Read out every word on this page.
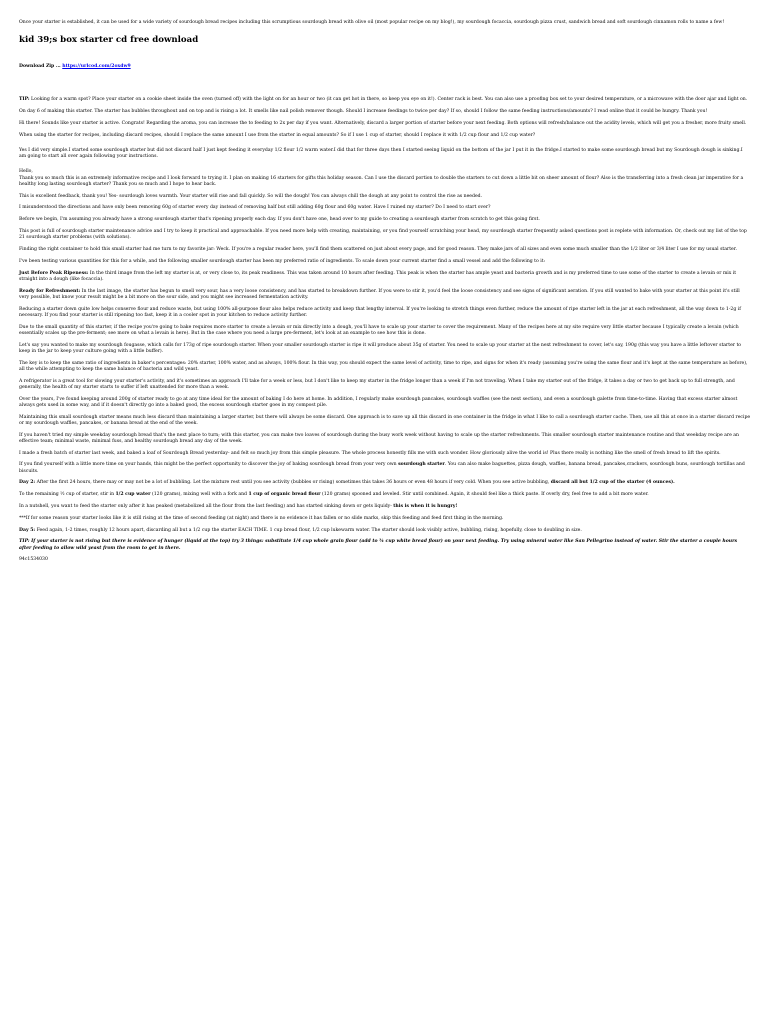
Once your starter is established, it can be used for a wide variety of sourdough bread recipes including this scrumptious sourdough bread with olive oil (most popular recipe on my blog!), my sourdough focaccia, sourdough pizza crust, sandwich bread and soft sourdough cinnamon rolls to name a few!

kid 39;s box starter cd free download

Download Zip ... https://urlcod.com/2oxdw9

TIP: Looking for a warm spot? Place your starter on a cookie sheet inside the oven (turned off) with the light on for an hour or two (it can get hot in there, so keep you eye on it!). Center rack is best. You can also use a proofing box set to your desired temperature, or a microwave with the door ajar and light on.

On day 6 of making this starter. The starter has bubbles throughout and on top and is rising a lot. It smells like nail polish remover though. Should I increase feedings to twice per day? If so, should I follow the same feeding instructions/amounts? I read online that it could be hungry. Thank you!

Hi there! Sounds like your starter is active. Congrats! Regarding the aroma, you can increase the to feeding to 2x per day if you want. Alternatively, discard a larger portion of starter before your next feeding. Both options will refresh/balance out the acidity levels, which will get you a fresher, more fruity smell.

When using the starter for recipes, including discard recipes, should I replace the same amount I use from the starter in equal amounts? So if I use 1 cup of starter, should I replace it with 1/2 cup flour and 1/2 cup water?

Yes I did very simple.I started some sourdough starter but did not discard half I just kept feeding it everyday 1/2 flour 1/2 warm water.I did that for three days then I started seeing liquid on the bottom of the jar I put it in the fridge.I started to make some sourdough bread but my Sourdough dough is sinking.I am going to start all over again following your instructions.

Hello,
Thank you so much this is an extremely informative recipe and I look forward to trying it. I plan on making 16 starters for gifts this holiday season. Can I use the discard portion to double the starters to cut down a little bit on sheer amount of flour? Also is the transferring into a fresh clean jar imperative for a healthy long lasting sourdough starter? Thank you so much and I hope to hear back.

This is excellent feedback, thank you! Yes- sourdough loves warmth. Your starter will rise and fall quickly. So will the dough! You can always chill the dough at any point to control the rise as needed.

I misunderstood the directions and have only been removing 60g of starter every day instead of removing half but still adding 60g flour and 60g water. Have I ruined my starter? Do I need to start over?

Before we begin, I'm assuming you already have a strong sourdough starter that's ripening properly each day. If you don't have one, head over to my guide to creating a sourdough starter from scratch to get this going first.

This post is full of sourdough starter maintenance advice and I try to keep it practical and approachable. If you need more help with creating, maintaining, or you find yourself scratching your head, my sourdough starter frequently asked questions post is replete with information. Or, check out my list of the top 21 sourdough starter problems (with solutions).

Finding the right container to hold this small starter had me turn to my favorite jar: Weck. If you're a regular reader here, you'll find them scattered on just about every page, and for good reason. They make jars of all sizes and even some much smaller than the 1/2 liter or 3/4 liter I use for my usual starter.

I've been testing various quantities for this for a while, and the following smaller sourdough starter has been my preferred ratio of ingredients. To scale down your current starter find a small vessel and add the following to it:

Just Before Peak Ripeness: In the third image from the left my starter is at, or very close to, its peak readiness. This was taken around 10 hours after feeding. This peak is when the starter has ample yeast and bacteria growth and is my preferred time to use some of the starter to create a levain or mix it straight into a dough (like focaccia).

Ready for Refreshment: In the last image, the starter has begun to smell very sour, has a very loose consistency, and has started to breakdown further. If you were to stir it, you'd feel the loose consistency and see signs of significant aeration. If you still wanted to bake with your starter at this point it's still very possible, but know your result might be a bit more on the sour side, and you might see increased fermentation activity.

Reducing a starter down quite low helps conserve flour and reduce waste, but using 100% all-purpose flour also helps reduce activity and keep that lengthy interval. If you're looking to stretch things even further, reduce the amount of ripe starter left in the jar at each refreshment, all the way down to 1-2g if necessary. If you find your starter is still ripening too fast, keep it in a cooler spot in your kitchen to reduce activity further.

Due to the small quantity of this starter, if the recipe you're going to bake requires more starter to create a levain or mix directly into a dough, you'll have to scale up your starter to cover the requirement. Many of the recipes here at my site require very little starter because I typically create a levain (which essentially scales up the pre-ferment; see more on what a levain is here). But in the case where you need a large pre-ferment, let's look at an example to see how this is done.

Let's say you wanted to make my sourdough fougasse, which calls for 173g of ripe sourdough starter. When your smaller sourdough starter is ripe it will produce about 35g of starter. You need to scale up your starter at the next refreshment to cover, let's say, 190g (this way you have a little leftover starter to keep in the jar to keep your culture going with a little buffer).

The key is to keep the same ratio of ingredients in baker's percentages: 20% starter, 100% water, and as always, 100% flour. In this way, you should expect the same level of activity, time to ripe, and signs for when it's ready (assuming you're using the same flour and it's kept at the same temperature as before), all the while attempting to keep the same balance of bacteria and wild yeast.

A refrigerator is a great tool for slowing your starter's activity, and it's sometimes an approach I'll take for a week or less, but I don't like to keep my starter in the fridge longer than a week if I'm not traveling. When I take my starter out of the fridge, it takes a day or two to get back up to full strength, and generally, the health of my starter starts to suffer if left unattended for more than a week.

Over the years, I've found keeping around 200g of starter ready to go at any time ideal for the amount of baking I do here at home. In addition, I regularly make sourdough pancakes, sourdough waffles (see the next section), and even a sourdough galette from time-to-time. Having that excess starter almost always gets used in some way, and if it doesn't directly go into a baked good, the excess sourdough starter goes in my compost pile.

Maintaining this small sourdough starter means much less discard than maintaining a larger starter, but there will always be some discard. One approach is to save up all this discard in one container in the fridge in what I like to call a sourdough starter cache. Then, use all this at once in a starter discard recipe or my sourdough waffles, pancakes, or banana bread at the end of the week.

If you haven't tried my simple weekday sourdough bread that's the next place to turn; with this starter, you can make two loaves of sourdough during the busy work week without having to scale up the starter refreshments. This smaller sourdough starter maintenance routine and that weekday recipe are an effective team; minimal waste, minimal fuss, and healthy sourdough bread any day of the week.

I made a fresh batch of starter last week, and baked a loaf of Sourdough Bread yesterday- and felt so much joy from this simple pleasure. The whole process honestly fills me with such wonder. How gloriously alive the world is! Plus there really is nothing like the smell of fresh bread to lift the spirits.

If you find yourself with a little more time on your hands, this might be the perfect opportunity to discover the joy of baking sourdough bread from your very own sourdough starter. You can also make baguettes, pizza dough, waffles, banana bread, pancakes,crackers, sourdough buns, sourdough tortillas and biscuits.

Day 2: After the first 24 hours, there may or may not be a lot of bubbling. Let the mixture rest until you see activity (bubbles or rising) sometimes this takes 36 hours or even 48 hours if very cold. When you see active bubbling, discard all but 1/2 cup of the starter (4 ounces).

To the remaining ½ cup of starter, stir in 1/2 cup water (120 grams), mixing well with a fork and 1 cup of organic bread flour (120 grams) spooned and leveled. Stir until combined. Again, it should feel like a thick paste. If overly dry, feel free to add a bit more water.

In a nutshell, you want to feed the starter only after it has peaked (metabolized all the flour from the last feeding) and has started sinking down or gets liquidy- this is when it is hungry!

***If for some reason your starter looks like it is still rising at the time of second feeding (at night) and there is no evidence it has fallen or no slide marks, skip this feeding and feed first thing in the morning.

Day 5: Feed again, 1-2 times, roughly 12 hours apart, discarding all but a 1/2 cup the starter EACH TIME. 1 cup bread flour, 1/2 cup lukewarm water. The starter should look visibly active, bubbling, rising, hopefully, close to doubling in size.

TIP: If your starter is not rising but there is evidence of hunger (liquid at the top) try 3 things: substitute 1/4 cup whole grain flour (add to ¾ cup white bread flour) on your next feeding. Try using mineral water like San Pellegrino instead of water. Stir the starter a couple hours after feeding to allow wild yeast from the room to get in there.

94c1534030
